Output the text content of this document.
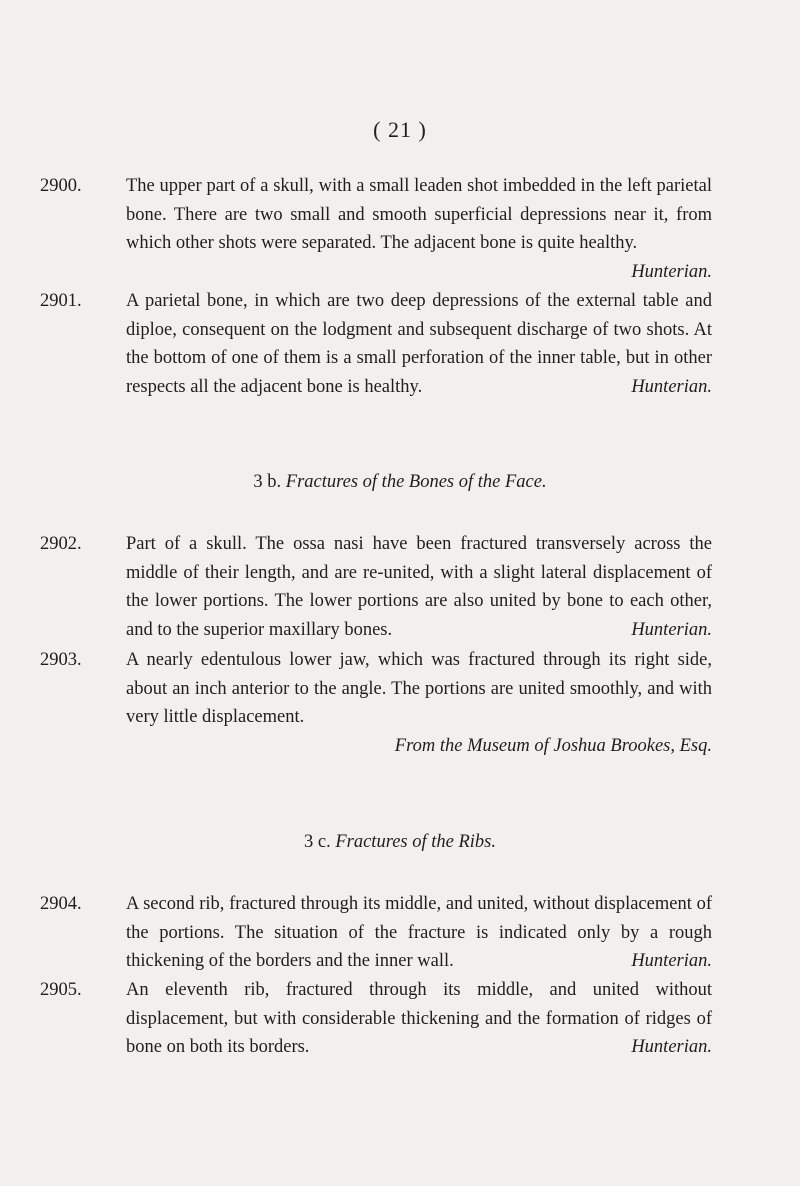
( 21 )
2900. The upper part of a skull, with a small leaden shot imbedded in the left parietal bone. There are two small and smooth superficial depressions near it, from which other shots were separated. The adjacent bone is quite healthy.
Hunterian.
2901. A parietal bone, in which are two deep depressions of the external table and diploe, consequent on the lodgment and subsequent discharge of two shots. At the bottom of one of them is a small perforation of the inner table, but in other respects all the adjacent bone is healthy.	Hunterian.
3 b. Fractures of the Bones of the Face.
2902. Part of a skull. The ossa nasi have been fractured transversely across the middle of their length, and are re-united, with a slight lateral displacement of the lower portions. The lower portions are also united by bone to each other, and to the superior maxillary bones.	Hunterian.
2903. A nearly edentulous lower jaw, which was fractured through its right side, about an inch anterior to the angle. The portions are united smoothly, and with very little displacement.
From the Museum of Joshua Brookes, Esq.
3 c. Fractures of the Ribs.
2904. A second rib, fractured through its middle, and united, without displacement of the portions. The situation of the fracture is indicated only by a rough thickening of the borders and the inner wall.	Hunterian.
2905. An eleventh rib, fractured through its middle, and united without displacement, but with considerable thickening and the formation of ridges of bone on both its borders.	Hunterian.
